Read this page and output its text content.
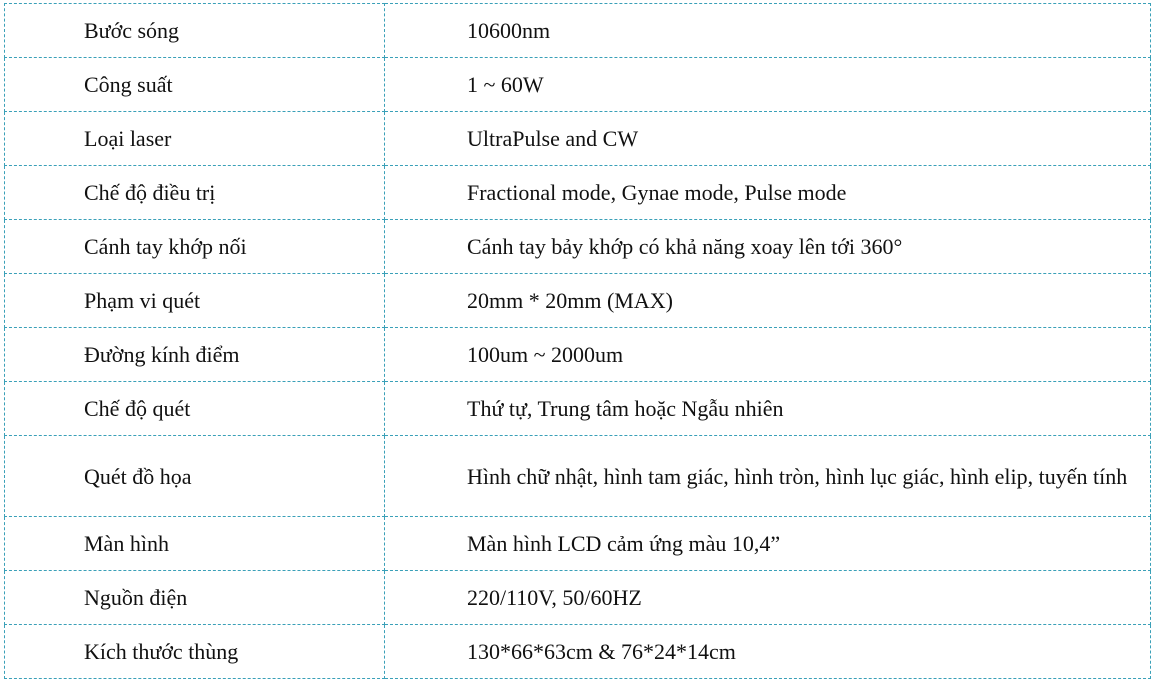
Bước sóng	10600nm
Công suất	1 ~ 60W
Loại laser	UltraPulse and CW
Chế độ điều trị	Fractional mode, Gynae mode, Pulse mode
Cánh tay khớp nối	Cánh tay bảy khớp có khả năng xoay lên tới 360°
Phạm vi quét	20mm * 20mm (MAX)
Đường kính điểm	100um ~ 2000um
Chế độ quét	Thứ tự, Trung tâm hoặc Ngẫu nhiên
Quét đồ họa	Hình chữ nhật, hình tam giác, hình tròn, hình lục giác, hình elip, tuyến tính
Màn hình	Màn hình LCD cảm ứng màu 10,4”
Nguồn điện	220/110V, 50/60HZ
Kích thước thùng	130*66*63cm & 76*24*14cm
